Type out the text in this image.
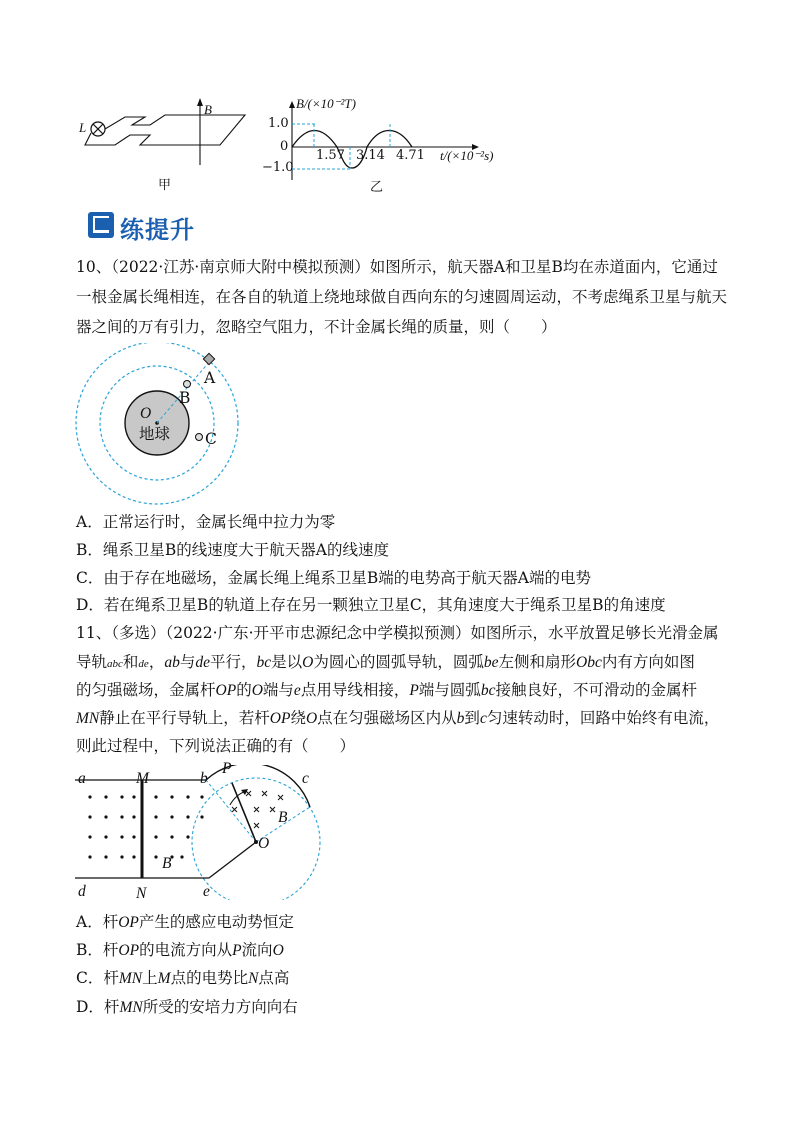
L
B
甲
B/(×10⁻²T)
1.0
0
−1.0
1.57 3.14 4.71 t/(×10⁻²s)
乙
练提升
10、（2022·江苏·南京师大附中模拟预测）如图所示，航天器A和卫星B均在赤道面内，它通过
一根金属长绳相连，在各自的轨道上绕地球做自西向东的匀速圆周运动，不考虑绳系卫星与航天
器之间的万有引力，忽略空气阻力，不计金属长绳的质量，则（　　）
O
地球
A
B
C
A．正常运行时，金属长绳中拉力为零
B．绳系卫星B的线速度大于航天器A的线速度
C．由于存在地磁场，金属长绳上绳系卫星B端的电势高于航天器A端的电势
D．若在绳系卫星B的轨道上存在另一颗独立卫星C，其角速度大于绳系卫星B的角速度
11、（多选）（2022·广东·开平市忠源纪念中学模拟预测）如图所示，水平放置足够长光滑金属
导轨abc和de，ab与de平行，bc是以O为圆心的圆弧导轨，圆弧be左侧和扇形Obc内有方向如图
的匀强磁场，金属杆OP的O端与e点用导线相接，P端与圆弧bc接触良好，不可滑动的金属杆
MN静止在平行导轨上，若杆OP绕O点在匀强磁场区内从b到c匀速转动时，回路中始终有电流，
则此过程中，下列说法正确的有（　　）
a	M	b
P
c
B
B
O
d	N	e
A．杆OP产生的感应电动势恒定
B．杆OP的电流方向从P流向O
C．杆MN上M点的电势比N点高
D．杆MN所受的安培力方向向右
